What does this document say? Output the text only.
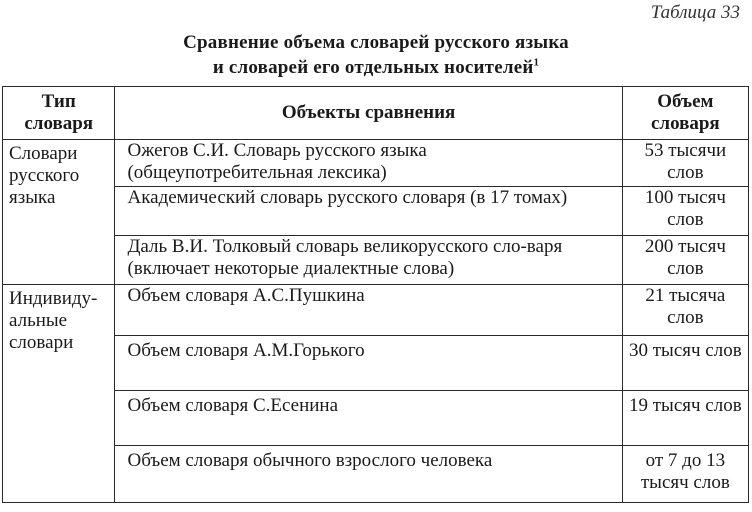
Таблица 33
Сравнение объема словарей русского языка
и словарей его отдельных носителей$^1$
Тип словаря	Объекты сравнения	Объем словаря

Словари
русского
языка	Ожегов С.И. Словарь русского языка (общеупотребительная лексика)	53 тысячи слов
	Академический словарь русского словаря (в 17 томах)	100 тысяч слов
	Даль В.И. Толковый словарь великорусского сло-варя (включает некоторые диалектные слова)	200 тысяч слов

Индивиду-
альные
словари	Объем словаря А.С.Пушкина	21 тысяча слов
	Объем словаря А.М.Горького	30 тысяч слов
	Объем словаря С.Есенина	19 тысяч слов
	Объем словаря обычного взрослого человека	от 7 до 13 тысяч слов
